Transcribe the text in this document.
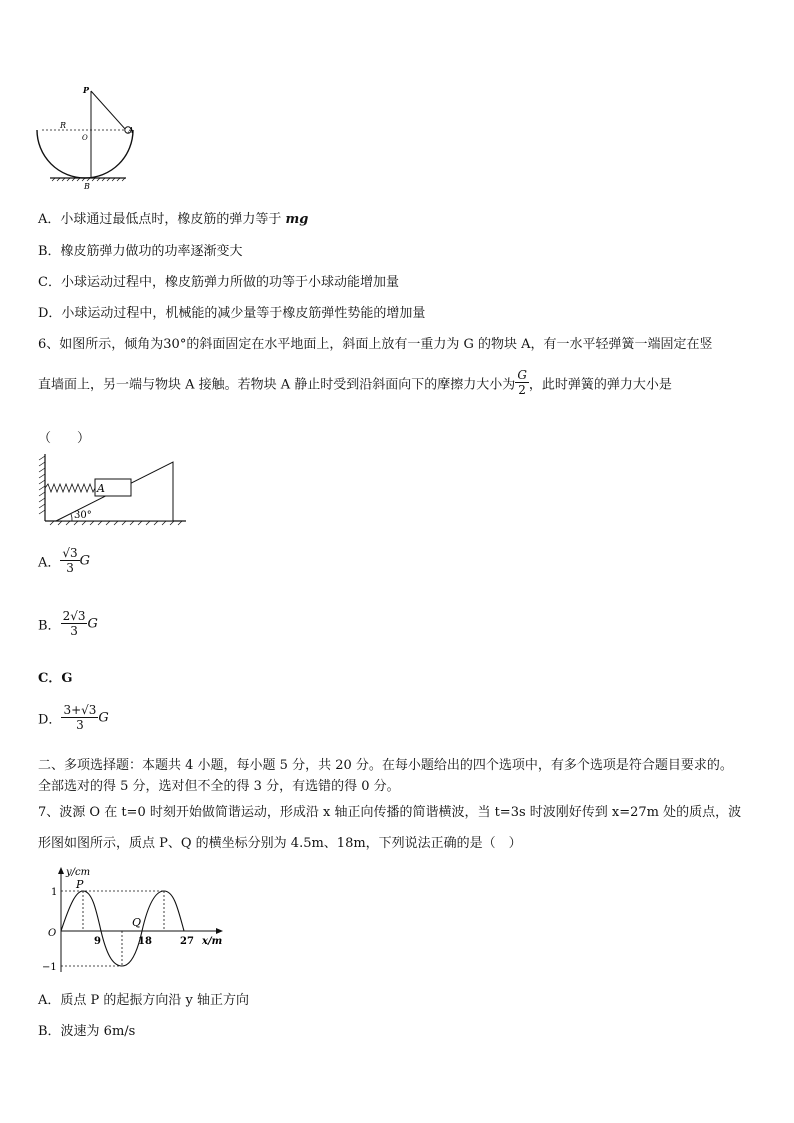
P
R
O
A
B
A．小球通过最低点时，橡皮筋的弹力等于 mg
B．橡皮筋弹力做功的功率逐渐变大
C．小球运动过程中，橡皮筋弹力所做的功等于小球动能增加量
D．小球运动过程中，机械能的减少量等于橡皮筋弹性势能的增加量
6、如图所示，倾角为30°的斜面固定在水平地面上，斜面上放有一重力为 G 的物块 A，有一水平轻弹簧一端固定在竖
直墙面上，另一端与物块 A 接触。若物块 A 静止时受到沿斜面向下的摩擦力大小为 $\frac{G}{2}$ ，此时弹簧的弹力大小是
（　　）
A
30°
A． $\frac{√3}{3}$ G
B． $\frac{2√3}{3}$ G
C．G
D． $\frac{3+√3}{3}$ G
二、多项选择题：本题共 4 小题，每小题 5 分，共 20 分。在每小题给出的四个选项中，有多个选项是符合题目要求的。
全部选对的得 5 分，选对但不全的得 3 分，有选错的得 0 分。
7、波源 O 在 t=0 时刻开始做简谐运动，形成沿 x 轴正向传播的简谐横波，当 t=3s 时波刚好传到 x=27m 处的质点，波
形图如图所示，质点 P、Q 的横坐标分别为 4.5m、18m，下列说法正确的是（　）
y/cm
x/m
P
Q
O
1
−1
9	18	27
A．质点 P 的起振方向沿 y 轴正方向
B．波速为 6m/s
